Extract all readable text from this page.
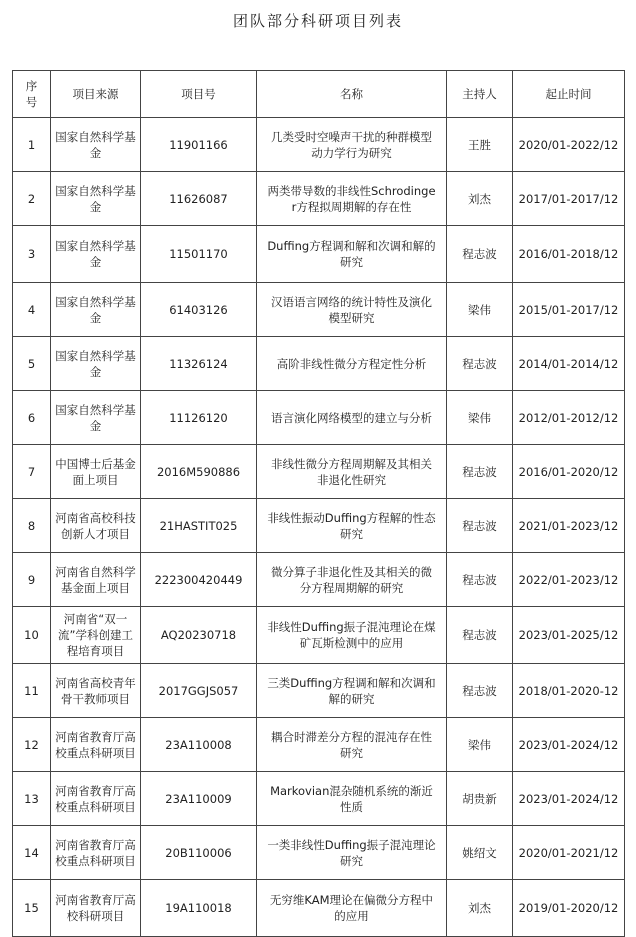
团队部分科研项目列表
序号	项目来源	项目号	名称	主持人	起止时间
1	国家自然科学基金	11901166	几类受时空噪声干扰的种群模型动力学行为研究	王胜	2020/01-2022/12
2	国家自然科学基金	11626087	两类带导数的非线性Schrodinger方程拟周期解的存在性	刘杰	2017/01-2017/12
3	国家自然科学基金	11501170	Duffing方程调和解和次调和解的研究	程志波	2016/01-2018/12
4	国家自然科学基金	61403126	汉语语言网络的统计特性及演化模型研究	梁伟	2015/01-2017/12
5	国家自然科学基金	11326124	高阶非线性微分方程定性分析	程志波	2014/01-2014/12
6	国家自然科学基金	11126120	语言演化网络模型的建立与分析	梁伟	2012/01-2012/12
7	中国博士后基金面上项目	2016M590886	非线性微分方程周期解及其相关非退化性研究	程志波	2016/01-2020/12
8	河南省高校科技创新人才项目	21HASTIT025	非线性振动Duffing方程解的性态研究	程志波	2021/01-2023/12
9	河南省自然科学基金面上项目	222300420449	微分算子非退化性及其相关的微分方程周期解的研究	程志波	2022/01-2023/12
10	河南省“双一流”学科创建工程培育项目	AQ20230718	非线性Duffing振子混沌理论在煤矿瓦斯检测中的应用	程志波	2023/01-2025/12
11	河南省高校青年骨干教师项目	2017GGJS057	三类Duffing方程调和解和次调和解的研究	程志波	2018/01-2020-12
12	河南省教育厅高校重点科研项目	23A110008	耦合时滞差分方程的混沌存在性研究	梁伟	2023/01-2024/12
13	河南省教育厅高校重点科研项目	23A110009	Markovian混杂随机系统的渐近性质	胡贵新	2023/01-2024/12
14	河南省教育厅高校重点科研项目	20B110006	一类非线性Duffing振子混沌理论研究	姚绍文	2020/01-2021/12
15	河南省教育厅高校科研项目	19A110018	无穷维KAM理论在偏微分方程中的应用	刘杰	2019/01-2020/12
